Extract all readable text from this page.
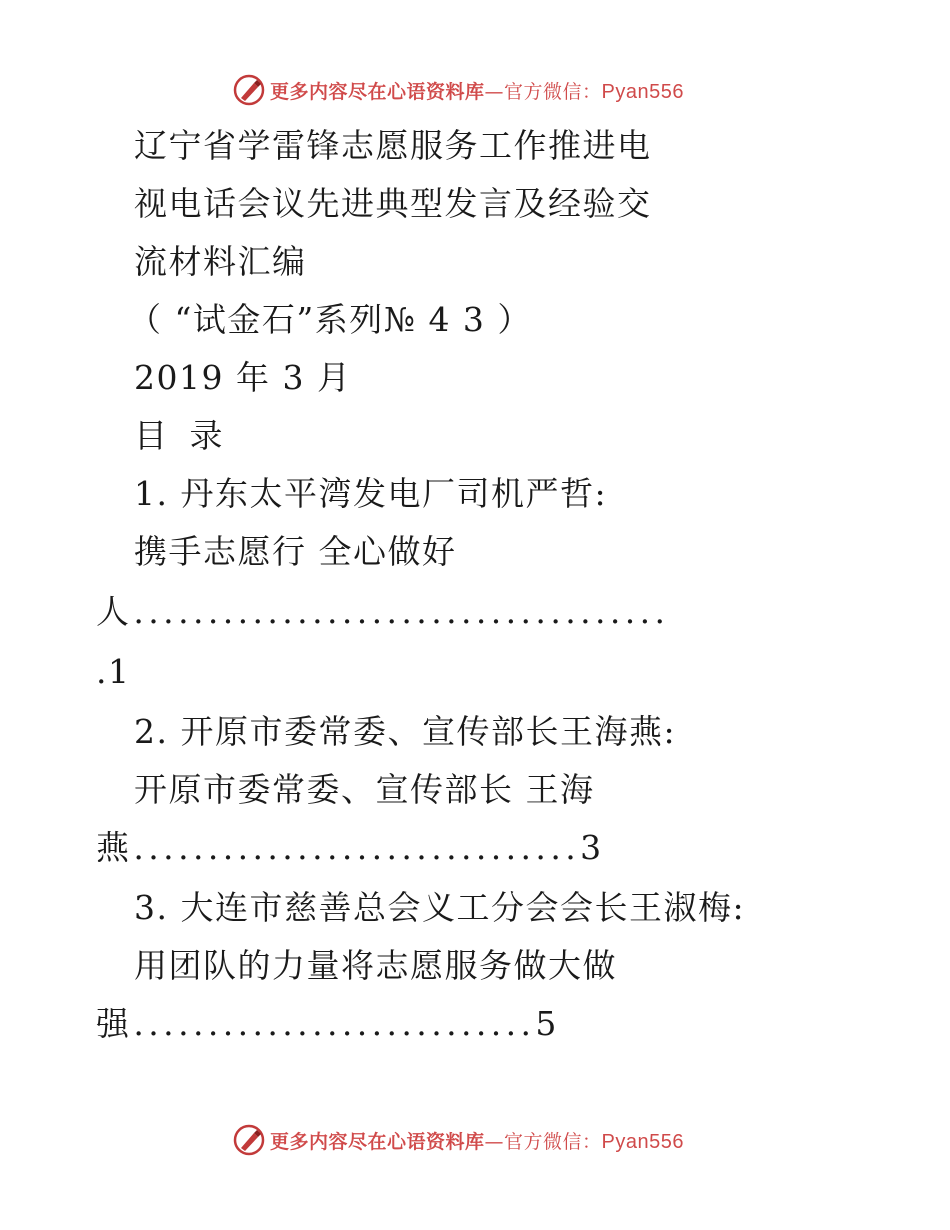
更多内容尽在心语资料库—官方微信：Pyan556
辽宁省学雷锋志愿服务工作推进电
视电话会议先进典型发言及经验交
流材料汇编
（ “试金石”系列№ 4 3 ）
2019 年 3 月
目 录
1. 丹东太平湾发电厂司机严哲:
携手志愿行 全心做好
人....................................
.1
2. 开原市委常委、宣传部长王海燕:
开原市委常委、宣传部长 王海
燕..............................3
3. 大连市慈善总会义工分会会长王淑梅:
用团队的力量将志愿服务做大做
强...........................5
更多内容尽在心语资料库—官方微信：Pyan556
